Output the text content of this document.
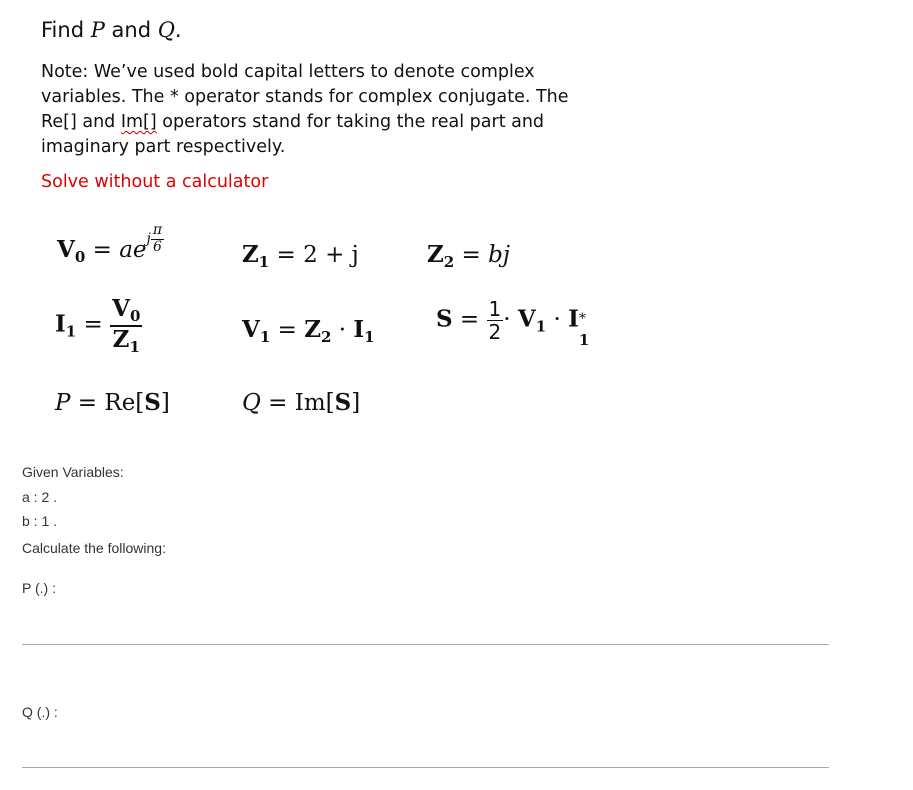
Find P and Q.
Note: We’ve used bold capital letters to denote complex variables. The * operator stands for complex conjugate. The Re[] and Im[] operators stand for taking the real part and imaginary part respectively.
Solve without a calculator
$V_0$ = aej $\frac{\pi}{6}$	$Z_1 = 2 + j$	$Z_2$ = bj
$I_1 = \frac{V_0}{Z_1}$	$V_1 = Z_2 \cdot I_1$
$S = \frac{1}{2} \cdot V_1 \cdot I$ *
1
P = Re[S]	Q = Im[S]
Given Variables:
a : 2 .
b : 1 .
Calculate the following:
P (.) :
Q (.) :
